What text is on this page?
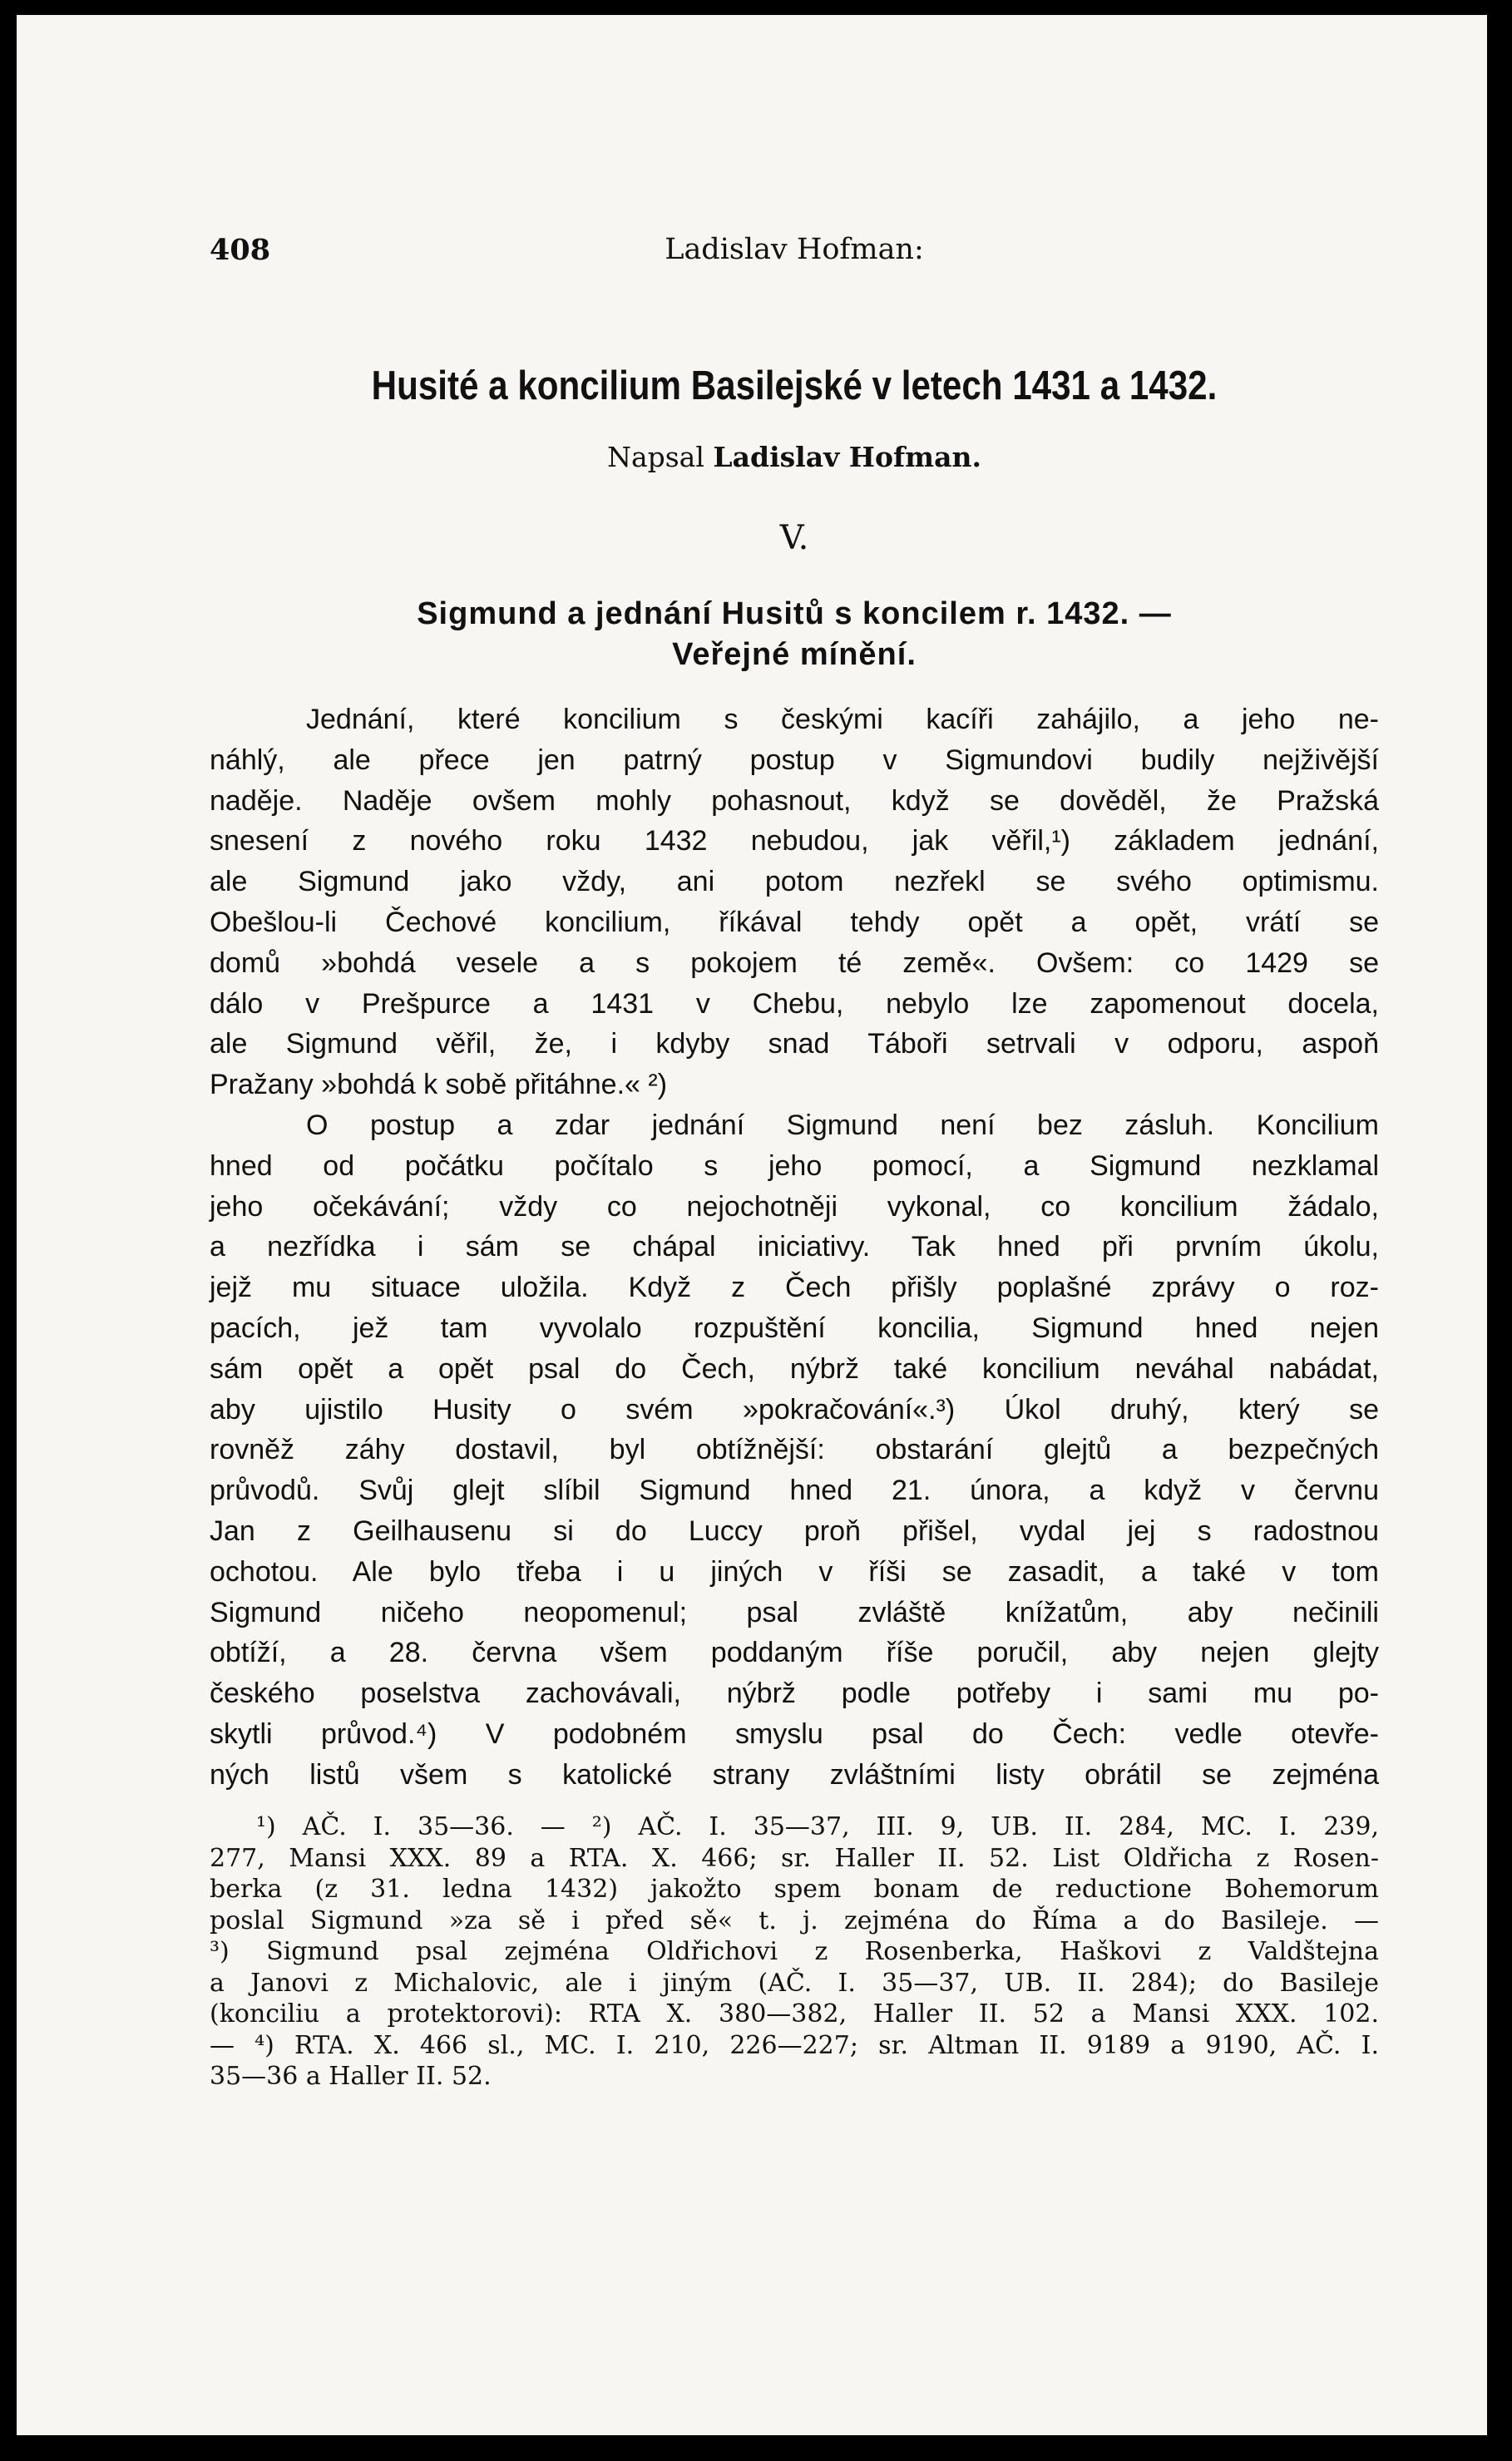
408	Ladislav Hofman:
Husité a koncilium Basilejské v letech 1431 a 1432.
Napsal Ladislav Hofman.
V.
Sigmund a jednání Husitů s koncilem r. 1432. —
Veřejné mínění.
Jednání, které koncilium s českými kacíři zahájilo, a jeho ne-
náhlý, ale přece jen patrný postup v Sigmundovi budily nejživější
naděje. Naděje ovšem mohly pohasnout, když se dověděl, že Pražská
snesení z nového roku 1432 nebudou, jak věřil,¹) základem jednání,
ale Sigmund jako vždy, ani potom nezřekl se svého optimismu.
Obešlou-li Čechové koncilium, říkával tehdy opět a opět, vrátí se
domů »bohdá vesele a s pokojem té země«. Ovšem: co 1429 se
dálo v Prešpurce a 1431 v Chebu, nebylo lze zapomenout docela,
ale Sigmund věřil, že, i kdyby snad Táboři setrvali v odporu, aspoň
Pražany »bohdá k sobě přitáhne.« ²)
O postup a zdar jednání Sigmund není bez zásluh. Koncilium
hned od počátku počítalo s jeho pomocí, a Sigmund nezklamal
jeho očekávání; vždy co nejochotněji vykonal, co koncilium žádalo,
a nezřídka i sám se chápal iniciativy. Tak hned při prvním úkolu,
jejž mu situace uložila. Když z Čech přišly poplašné zprávy o roz-
pacích, jež tam vyvolalo rozpuštění koncilia, Sigmund hned nejen
sám opět a opět psal do Čech, nýbrž také koncilium neváhal nabádat,
aby ujistilo Husity o svém »pokračování«.³) Úkol druhý, který se
rovněž záhy dostavil, byl obtížnější: obstarání glejtů a bezpečných
průvodů. Svůj glejt slíbil Sigmund hned 21. února, a když v červnu
Jan z Geilhausenu si do Luccy proň přišel, vydal jej s radostnou
ochotou. Ale bylo třeba i u jiných v říši se zasadit, a také v tom
Sigmund ničeho neopomenul; psal zvláště knížatům, aby nečinili
obtíží, a 28. června všem poddaným říše poručil, aby nejen glejty
českého poselstva zachovávali, nýbrž podle potřeby i sami mu po-
skytli průvod.⁴) V podobném smyslu psal do Čech: vedle otevře-
ných listů všem s katolické strany zvláštními listy obrátil se zejména
¹) AČ. I. 35—36. — ²) AČ. I. 35—37, III. 9, UB. II. 284, MC. I. 239,
277, Mansi XXX. 89 a RTA. X. 466; sr. Haller II. 52. List Oldřicha z Rosen-
berka (z 31. ledna 1432) jakožto spem bonam de reductione Bohemorum
poslal Sigmund »za sě i před sě« t. j. zejména do Říma a do Basileje. —
³) Sigmund psal zejména Oldřichovi z Rosenberka, Haškovi z Valdštejna
a Janovi z Michalovic, ale i jiným (AČ. I. 35—37, UB. II. 284); do Basileje
(konciliu a protektorovi): RTA X. 380—382, Haller II. 52 a Mansi XXX. 102.
— ⁴) RTA. X. 466 sl., MC. I. 210, 226—227; sr. Altman II. 9189 a 9190, AČ. I.
35—36 a Haller II. 52.
